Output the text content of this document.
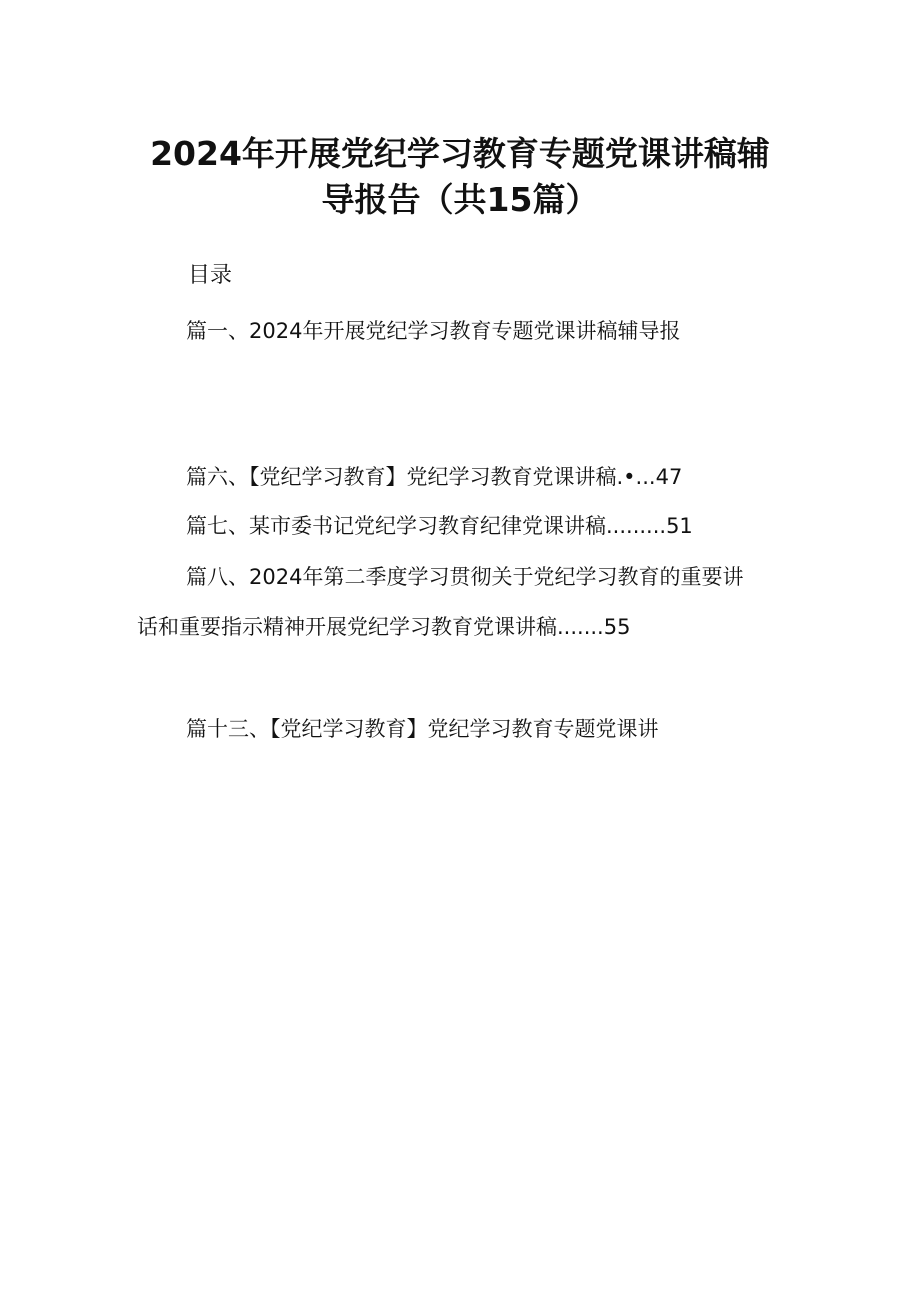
2024年开展党纪学习教育专题党课讲稿辅
导报告（共15篇）
目录
篇一、2024年开展党纪学习教育专题党课讲稿辅导报
篇六、【党纪学习教育】党纪学习教育党课讲稿.•...47
篇七、某市委书记党纪学习教育纪律党课讲稿.........51
篇八、2024年第二季度学习贯彻关于党纪学习教育的重要讲
话和重要指示精神开展党纪学习教育党课讲稿.......55
篇十三、【党纪学习教育】党纪学习教育专题党课讲
